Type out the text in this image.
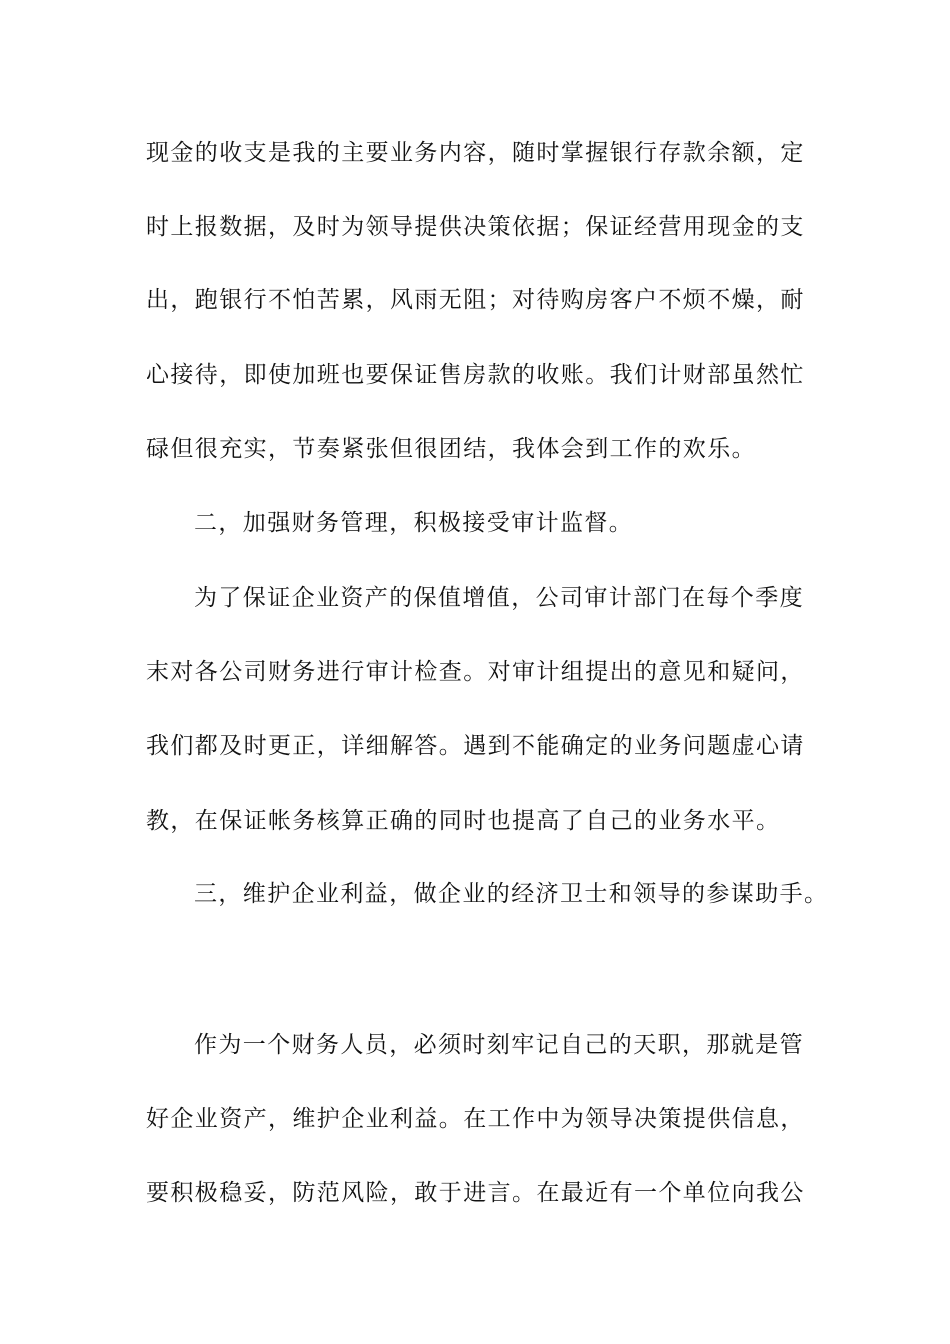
现金的收支是我的主要业务内容，随时掌握银行存款余额，定

时上报数据，及时为领导提供决策依据；保证经营用现金的支

出，跑银行不怕苦累，风雨无阻；对待购房客户不烦不燥，耐

心接待，即使加班也要保证售房款的收账。我们计财部虽然忙

碌但很充实，节奏紧张但很团结，我体会到工作的欢乐。

二，加强财务管理，积极接受审计监督。

为了保证企业资产的保值增值，公司审计部门在每个季度

末对各公司财务进行审计检查。对审计组提出的意见和疑问，

我们都及时更正，详细解答。遇到不能确定的业务问题虚心请

教，在保证帐务核算正确的同时也提高了自己的业务水平。

三，维护企业利益，做企业的经济卫士和领导的参谋助手。

作为一个财务人员，必须时刻牢记自己的天职，那就是管

好企业资产，维护企业利益。在工作中为领导决策提供信息，

要积极稳妥，防范风险，敢于进言。在最近有一个单位向我公
